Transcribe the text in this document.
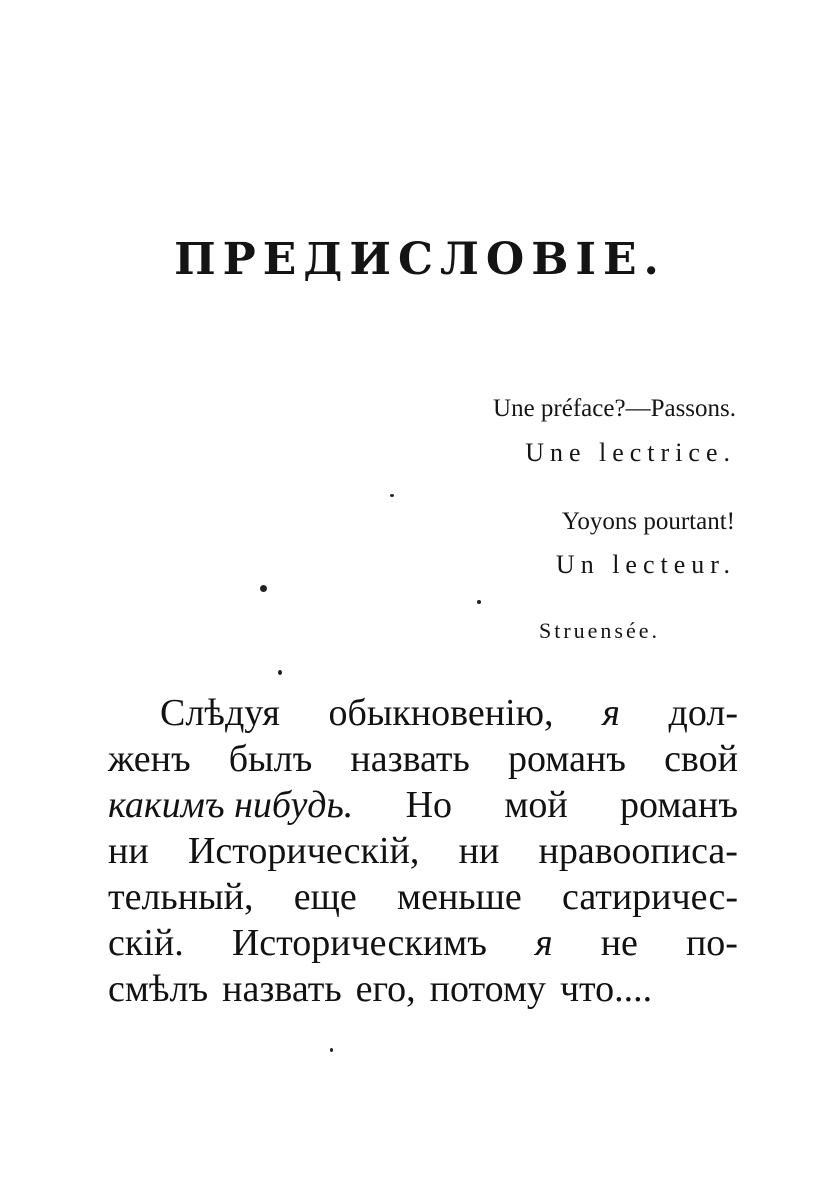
ПРЕДИСЛОВІЕ.
Une préface?—Passons.
Une lectrice.
Yoyons pourtant!
Un lecteur.
Struensée.
Слѣдуя обыкновенію, я дол-
женъ былъ назвать романъ свой
какимъ нибудь. Но мой романъ
ни Историческій, ни нравоописа-
тельный, еще меньше сатиричес-
скій. Историческимъ я не по-
смѣлъ назвать его, потому что....
